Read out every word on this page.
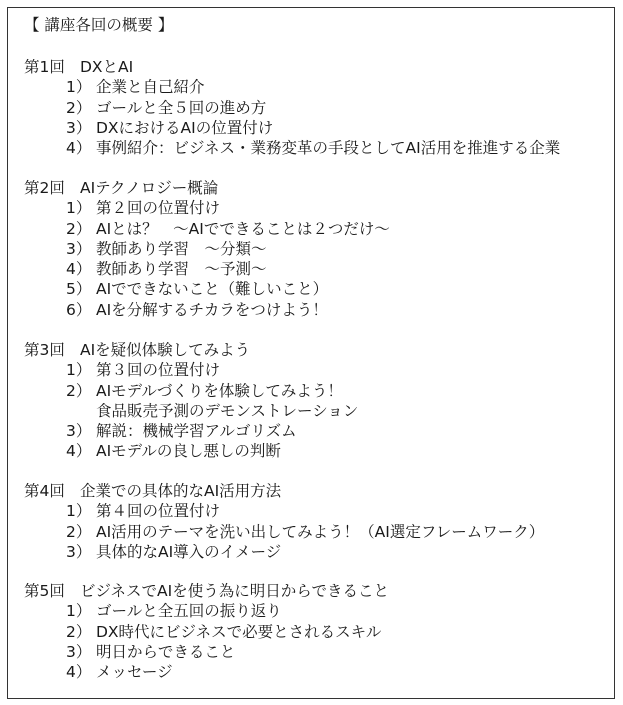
【 講座各回の概要 】
第1回 DXとAI
1） 企業と自己紹介
2） ゴールと全５回の進め方
3） DXにおけるAIの位置付け
4） 事例紹介：ビジネス・業務変革の手段としてAI活用を推進する企業
第2回 AIテクノロジー概論
1） 第２回の位置付け
2） AIとは？　～AIでできることは２つだけ～
3） 教師あり学習　～分類～
4） 教師あり学習　～予測～
5） AIでできないこと（難しいこと）
6） AIを分解するチカラをつけよう！
第3回 AIを疑似体験してみよう
1） 第３回の位置付け
2） AIモデルづくりを体験してみよう！
食品販売予測のデモンストレーション
3） 解説：機械学習アルゴリズム
4） AIモデルの良し悪しの判断
第4回 企業での具体的なAI活用方法
1） 第４回の位置付け
2） AI活用のテーマを洗い出してみよう！（AI選定フレームワーク）
3） 具体的なAI導入のイメージ
第5回 ビジネスでAIを使う為に明日からできること
1） ゴールと全五回の振り返り
2） DX時代にビジネスで必要とされるスキル
3） 明日からできること
4） メッセージ
